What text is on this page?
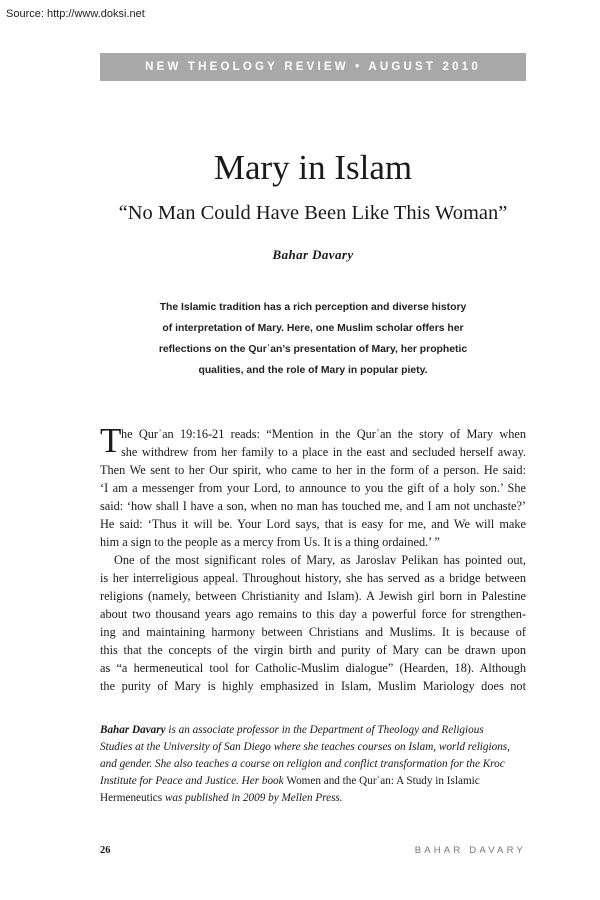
Source: http://www.doksi.net
NEW THEOLOGY REVIEW • AUGUST 2010
Mary in Islam
“No Man Could Have Been Like This Woman”
Bahar Davary

The Islamic tradition has a rich perception and diverse history
of interpretation of Mary. Here, one Muslim scholar offers her
reflections on the Qurʾan’s presentation of Mary, her prophetic
qualities, and the role of Mary in popular piety.

T he Qurʾan 19:16-21 reads: “Mention in the Qurʾan the story of Mary when
she withdrew from her family to a place in the east and secluded herself away.
Then We sent to her Our spirit, who came to her in the form of a person. He said:
‘I am a messenger from your Lord, to announce to you the gift of a holy son.’ She
said: ‘how shall I have a son, when no man has touched me, and I am not unchaste?’
He said: ‘Thus it will be. Your Lord says, that is easy for me, and We will make
him a sign to the people as a mercy from Us. It is a thing ordained.’ ”
One of the most significant roles of Mary, as Jaroslav Pelikan has pointed out,
is her interreligious appeal. Throughout history, she has served as a bridge between
religions (namely, between Christianity and Islam). A Jewish girl born in Palestine
about two thousand years ago remains to this day a powerful force for strengthen-
ing and maintaining harmony between Christians and Muslims. It is because of
this that the concepts of the virgin birth and purity of Mary can be drawn upon
as “a hermeneutical tool for Catholic-Muslim dialogue” (Hearden, 18). Although
the purity of Mary is highly emphasized in Islam, Muslim Mariology does not

Bahar Davary is an associate professor in the Department of Theology and Religious
Studies at the University of San Diego where she teaches courses on Islam, world religions,
and gender. She also teaches a course on religion and conflict transformation for the Kroc
Institute for Peace and Justice. Her book Women and the Qurʾan: A Study in Islamic
Hermeneutics was published in 2009 by Mellen Press.

26	BAHAR DAVARY
